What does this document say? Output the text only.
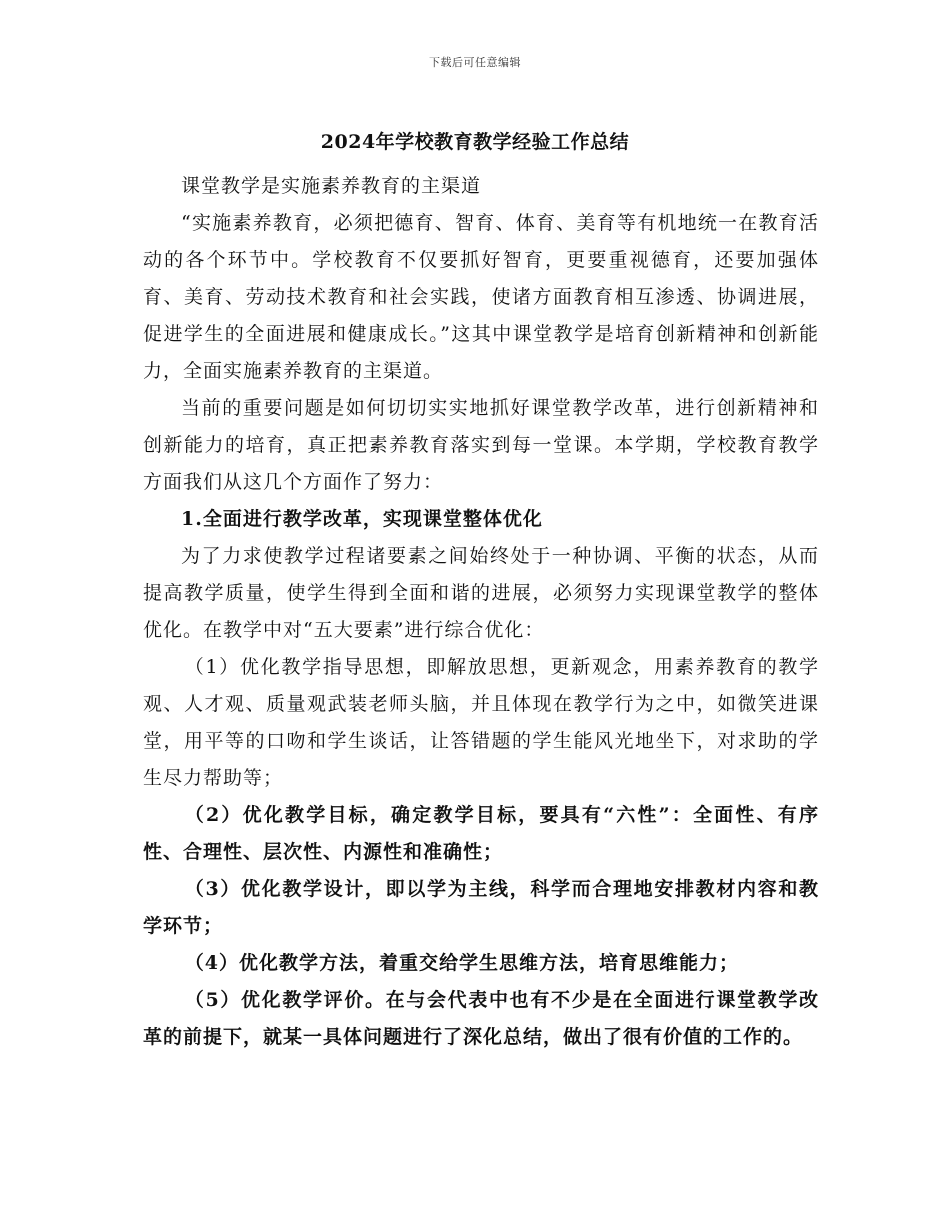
下载后可任意编辑
2024年学校教育教学经验工作总结

课堂教学是实施素养教育的主渠道

“实施素养教育，必须把德育、智育、体育、美育等有机地统一在教育活动的各个环节中。学校教育不仅要抓好智育，更要重视德育，还要加强体育、美育、劳动技术教育和社会实践，使诸方面教育相互渗透、协调进展，促进学生的全面进展和健康成长。”这其中课堂教学是培育创新精神和创新能力，全面实施素养教育的主渠道。

当前的重要问题是如何切切实实地抓好课堂教学改革，进行创新精神和创新能力的培育，真正把素养教育落实到每一堂课。本学期，学校教育教学方面我们从这几个方面作了努力：

1.全面进行教学改革，实现课堂整体优化

为了力求使教学过程诸要素之间始终处于一种协调、平衡的状态，从而提高教学质量，使学生得到全面和谐的进展，必须努力实现课堂教学的整体优化。在教学中对“五大要素”进行综合优化：

（1）优化教学指导思想，即解放思想，更新观念，用素养教育的教学观、人才观、质量观武装老师头脑，并且体现在教学行为之中，如微笑进课堂，用平等的口吻和学生谈话，让答错题的学生能风光地坐下，对求助的学生尽力帮助等；

（2）优化教学目标，确定教学目标，要具有“六性”：全面性、有序性、合理性、层次性、内源性和准确性；

（3）优化教学设计，即以学为主线，科学而合理地安排教材内容和教学环节；

（4）优化教学方法，着重交给学生思维方法，培育思维能力；

（5）优化教学评价。在与会代表中也有不少是在全面进行课堂教学改革的前提下，就某一具体问题进行了深化总结，做出了很有价值的工作的。
